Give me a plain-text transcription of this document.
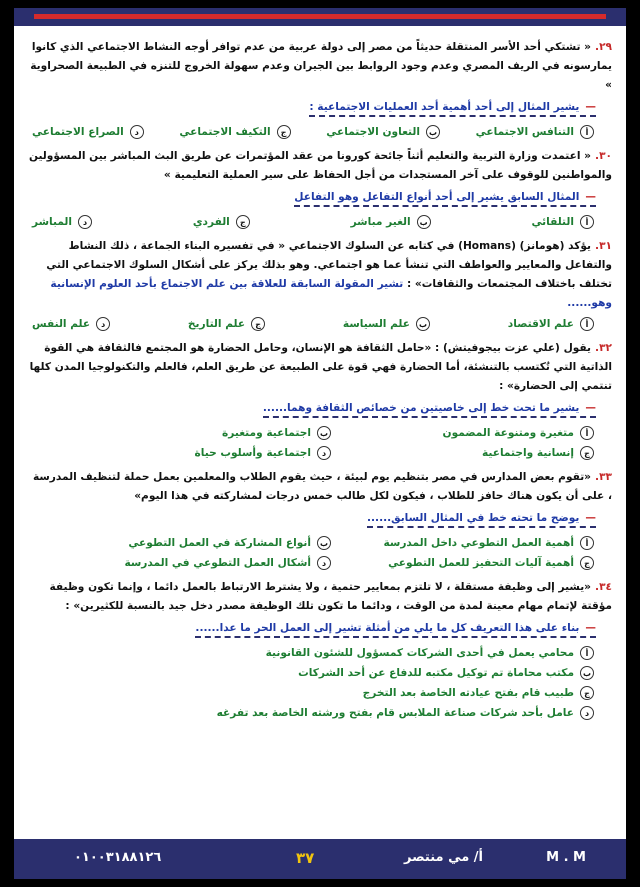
٢٩.« تشتكي أحد الأسر المنتقلة حديثاً من مصر إلى دولة عربية من عدم توافر أوجه النشاط الاجتماعي الذي كانوا يمارسونه في الريف المصري وعدم وجود الروابط بين الجيران وعدم سهولة الخروج للتنزه في الطبيعة الصحراوية »
—يشير المثال إلى أحد أهمية أحد العمليات الاجتماعية :
أ
التنافس الاجتماعي
ب
التعاون الاجتماعي
ج
التكيف الاجتماعي
د
الصراع الاجتماعي
٣٠.« اعتمدت وزارة التربية والتعليم أثناً جائحة كورونا من عقد المؤتمرات عن طريق البث المباشر بين المسؤولين والمواطنين للوقوف على آخر المستجدات من أجل الحفاظ على سير العملية التعليمية »
—المثال السابق يشير إلى أحد أنواع التفاعل وهو التفاعل
أ
التلقائي
ب
الغير مباشر
ج
الفردي
د
المباشر
٣١.يؤكد (هومانز) (Homans) في كتابه عن السلوك الاجتماعي « في تفسيره البناء الجماعة ، ذلك النشاط والتفاعل والمعايير والعواطف التي تنشأ عما هو اجتماعي. وهو بذلك يركز على أشكال السلوك الاجتماعي التي تختلف باختلاف المجتمعات والثقافات» : تشير المقولة السابقة للعلاقة بين علم الاجتماع بأحد العلوم الإنسانية وهو......
أ
علم الاقتصاد
ب
علم السياسة
ج
علم التاريخ
د
علم النفس
٣٢.يقول (علي عزت بيجوفيتش) : «حامل الثقافة هو الإنسان، وحامل الحضارة هو المجتمع فالثقافة هي القوة الذاتية التي تُكتسب بالتنشئة، أما الحضارة فهي قوة على الطبيعة عن طريق العلم، فالعلم والتكنولوجيا المدن كلها تنتمي إلى الحضارة» :
—يشير ما تحت خط إلى خاصيتين من خصائص الثقافة وهما......
أ
متغيرة ومتنوعة المضمون
ب
اجتماعية ومتغيرة
ج
إنسانية واجتماعية
د
اجتماعية وأسلوب حياة
٣٣.«تقوم بعض المدارس في مصر بتنظيم يوم لبيئة ، حيث يقوم الطلاب والمعلمين بعمل حملة لتنظيف المدرسة ، على أن يكون هناك حافز للطلاب ، فيكون لكل طالب خمس درجات لمشاركته في هذا اليوم»
—يوضح ما تحته خط في المثال السابق......
أ
أهمية العمل التطوعي داخل المدرسة
ب
أنواع المشاركة في العمل التطوعي
ج
أهمية آليات التحفيز للعمل التطوعي
د
أشكال العمل التطوعي في المدرسة
٣٤.«يشير إلى وظيفة مستقلة ، لا تلتزم بمعايير حتمية ، ولا يشترط الارتباط بالعمل دائما ، وإنما تكون وظيفة مؤقتة لإتمام مهام معينة لمدة من الوقت ، ودائما ما تكون تلك الوظيفة مصدر دخل جيد بالنسبة للكثيرين» :
—بناء على هذا التعريف كل ما يلي من أمثلة تشير إلى العمل الحر ما عدا......
أ
محامي يعمل في أحدى الشركات كمسؤول للشئون القانونية
ب
مكتب محاماة تم توكيل مكتبه للدفاع عن أحد الشركات
ج
طبيب قام بفتح عيادته الخاصة بعد التخرج
د
عامل بأحد شركات صناعة الملابس قام بفتح ورشته الخاصة بعد تفرغه
٠١٠٠٣١٨٨١٢٦	٣٧	أ/ مي منتصر	M . M
